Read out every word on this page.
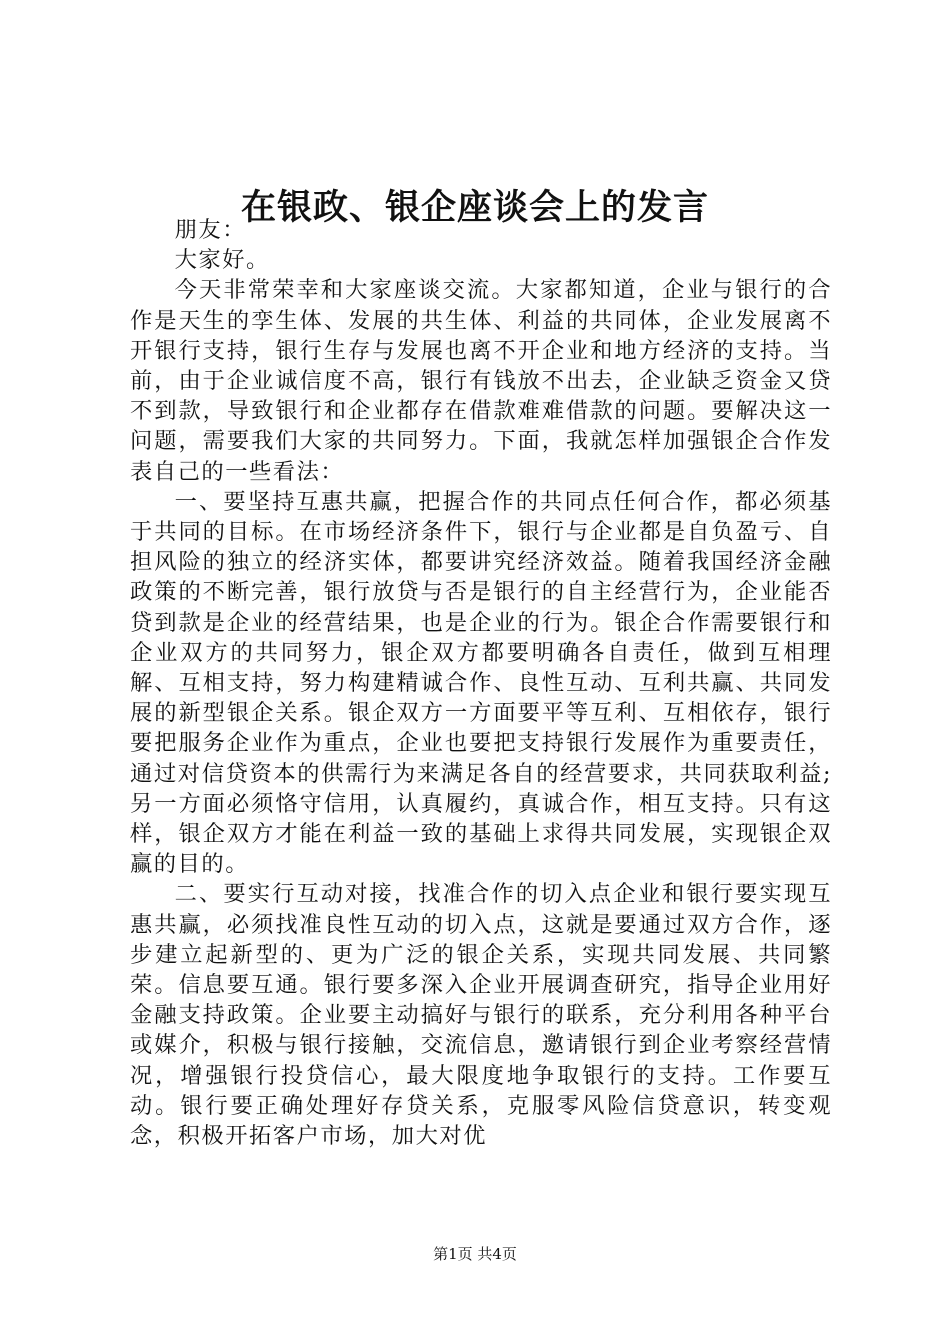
在银政、银企座谈会上的发言

朋友：

大家好。

今天非常荣幸和大家座谈交流。大家都知道，企业与银行的合作是天生的孪生体、发展的共生体、利益的共同体，企业发展离不开银行支持，银行生存与发展也离不开企业和地方经济的支持。当前，由于企业诚信度不高，银行有钱放不出去，企业缺乏资金又贷不到款，导致银行和企业都存在借款难难借款的问题。要解决这一问题，需要我们大家的共同努力。下面，我就怎样加强银企合作发表自己的一些看法：

一、要坚持互惠共赢，把握合作的共同点任何合作，都必须基于共同的目标。在市场经济条件下，银行与企业都是自负盈亏、自担风险的独立的经济实体，都要讲究经济效益。随着我国经济金融政策的不断完善，银行放贷与否是银行的自主经营行为，企业能否贷到款是企业的经营结果，也是企业的行为。银企合作需要银行和企业双方的共同努力，银企双方都要明确各自责任，做到互相理解、互相支持，努力构建精诚合作、良性互动、互利共赢、共同发展的新型银企关系。银企双方一方面要平等互利、互相依存，银行要把服务企业作为重点，企业也要把支持银行发展作为重要责任，通过对信贷资本的供需行为来满足各自的经营要求，共同获取利益;另一方面必须恪守信用，认真履约，真诚合作，相互支持。只有这样，银企双方才能在利益一致的基础上求得共同发展，实现银企双赢的目的。

二、要实行互动对接，找准合作的切入点企业和银行要实现互惠共赢，必须找准良性互动的切入点，这就是要通过双方合作，逐步建立起新型的、更为广泛的银企关系，实现共同发展、共同繁荣。信息要互通。银行要多深入企业开展调查研究，指导企业用好金融支持政策。企业要主动搞好与银行的联系，充分利用各种平台或媒介，积极与银行接触，交流信息，邀请银行到企业考察经营情况，增强银行投贷信心，最大限度地争取银行的支持。工作要互动。银行要正确处理好存贷关系，克服零风险信贷意识，转变观念，积极开拓客户市场，加大对优

第1页 共4页
